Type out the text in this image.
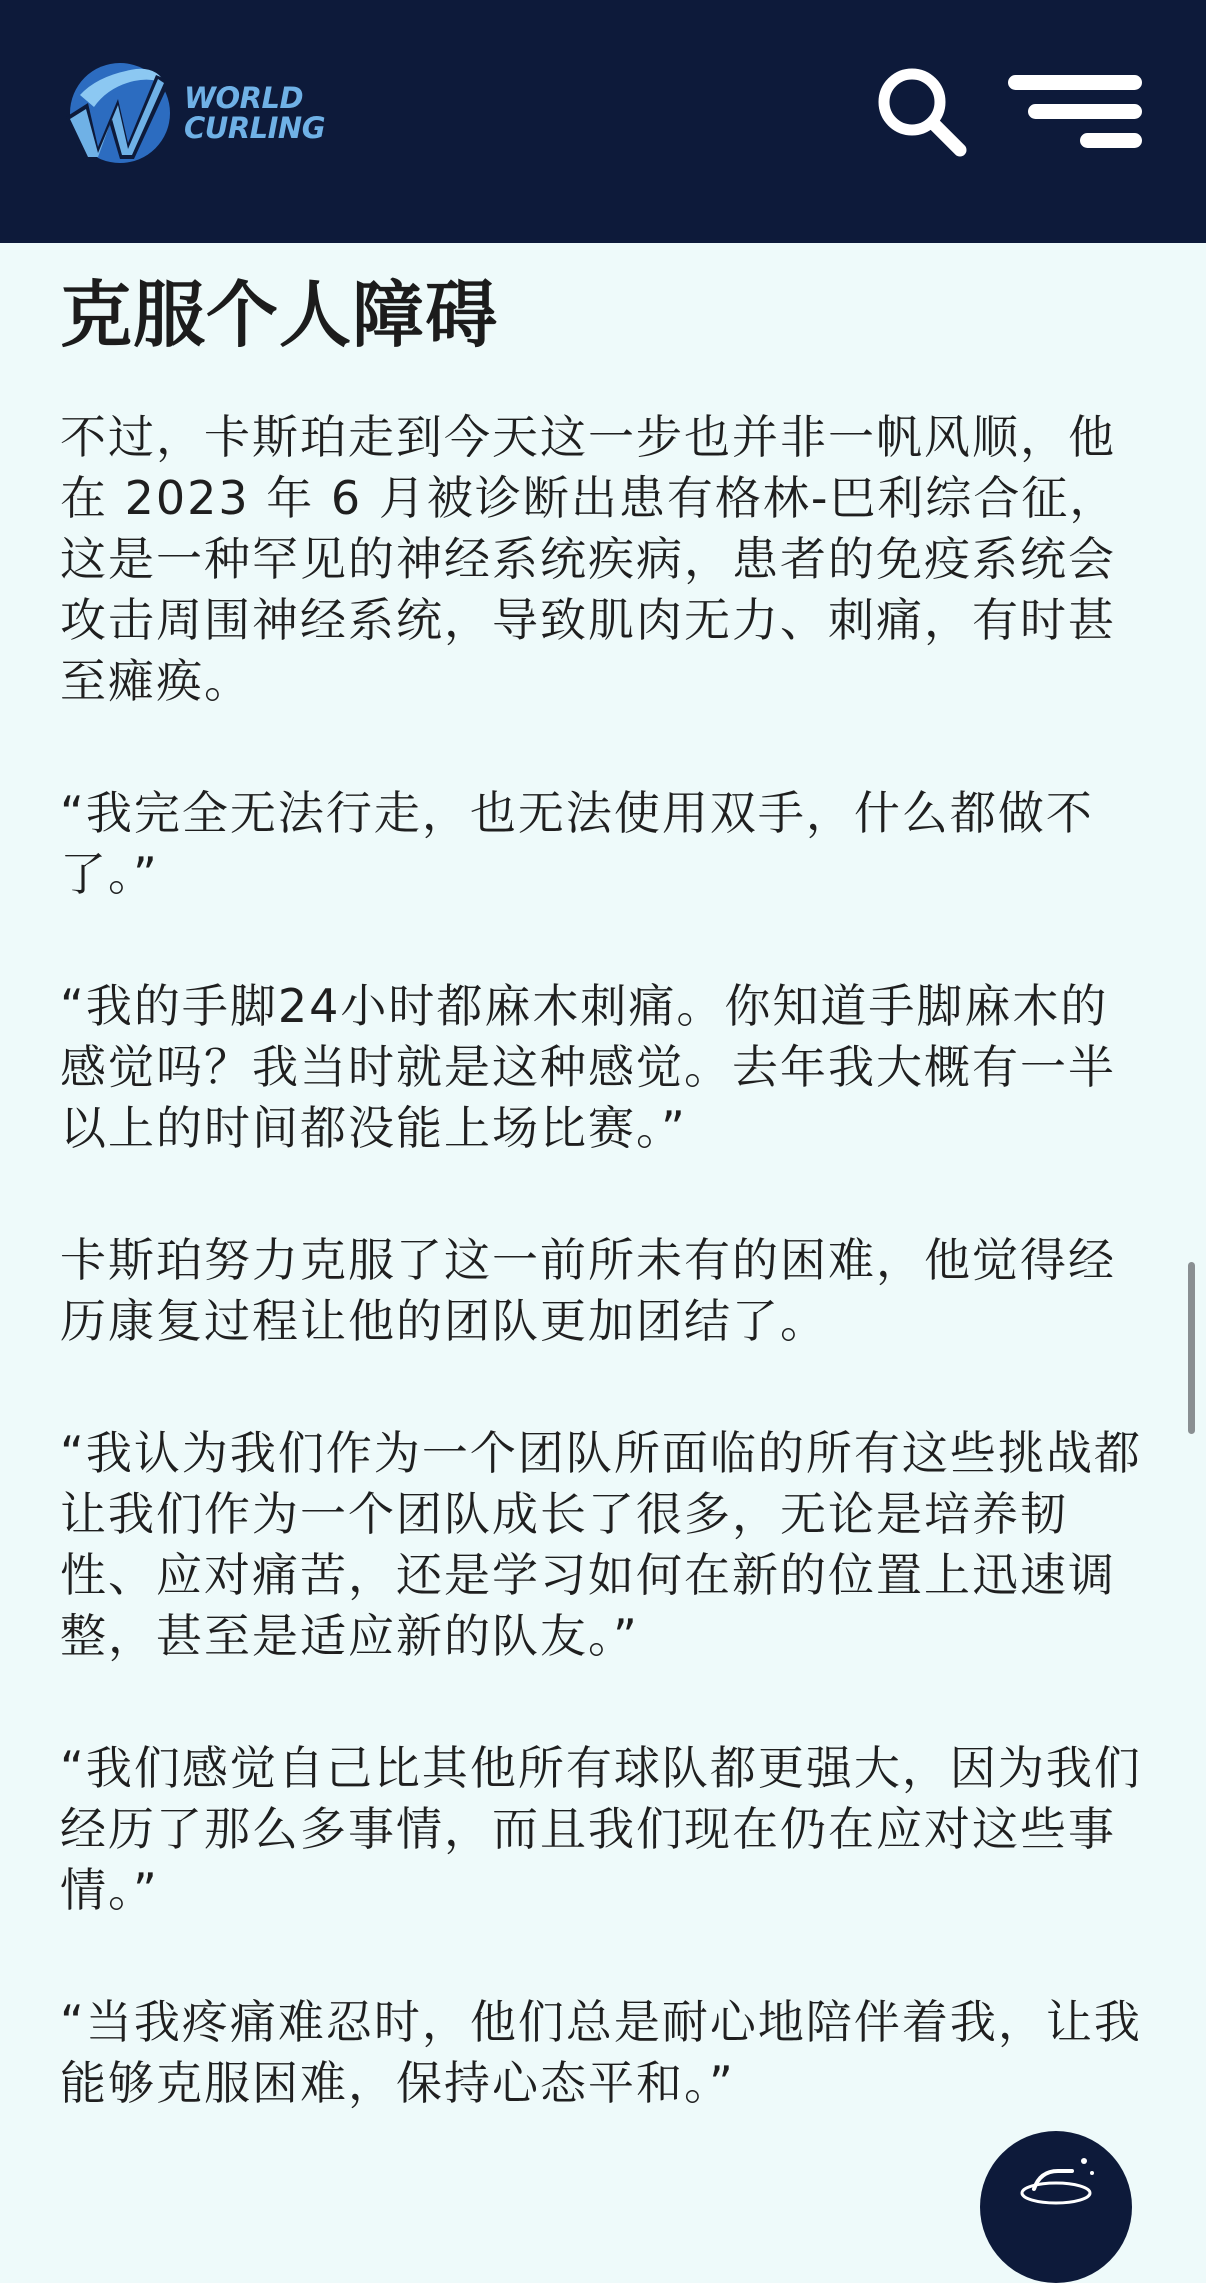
WORLD
CURLING
克服个人障碍

不过，卡斯珀走到今天这一步也并非一帆风顺，他在 2023 年 6 月被诊断出患有格林-巴利综合征，这是一种罕见的神经系统疾病，患者的免疫系统会攻击周围神经系统，导致肌肉无力、刺痛，有时甚至瘫痪。

“我完全无法行走，也无法使用双手，什么都做不了。”

“我的手脚24小时都麻木刺痛。你知道手脚麻木的感觉吗？我当时就是这种感觉。去年我大概有一半以上的时间都没能上场比赛。”

卡斯珀努力克服了这一前所未有的困难，他觉得经历康复过程让他的团队更加团结了。

“我认为我们作为一个团队所面临的所有这些挑战都让我们作为一个团队成长了很多，无论是培养韧性、应对痛苦，还是学习如何在新的位置上迅速调整，甚至是适应新的队友。”

“我们感觉自己比其他所有球队都更强大，因为我们经历了那么多事情，而且我们现在仍在应对这些事情。”

“当我疼痛难忍时，他们总是耐心地陪伴着我，让我能够克服困难，保持心态平和。”
